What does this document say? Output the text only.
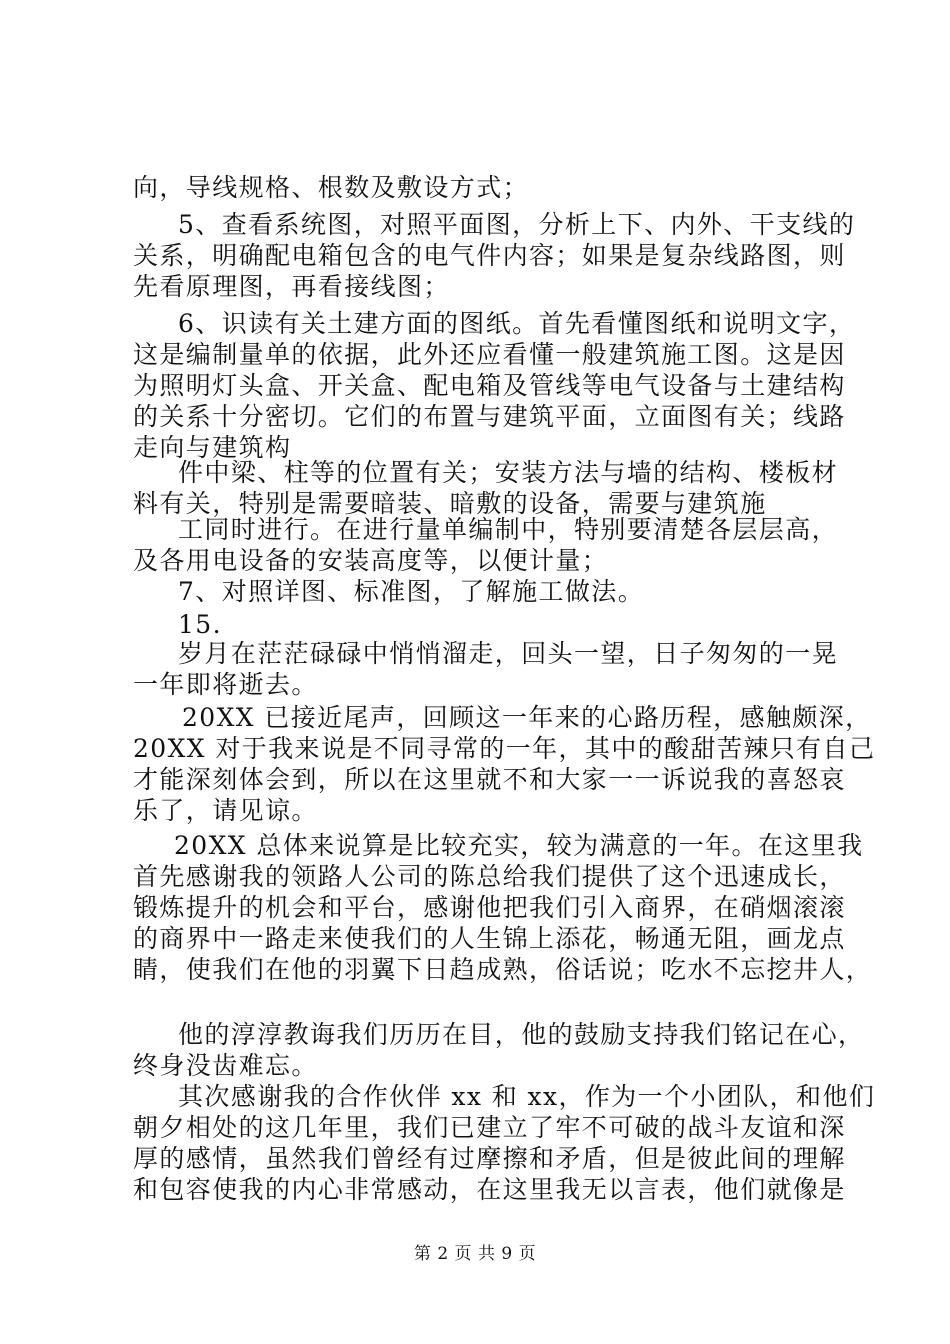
向，导线规格、根数及敷设方式；
5、查看系统图，对照平面图，分析上下、内外、干支线的
关系，明确配电箱包含的电气件内容；如果是复杂线路图，则
先看原理图，再看接线图；
6、识读有关土建方面的图纸。首先看懂图纸和说明文字，
这是编制量单的依据，此外还应看懂一般建筑施工图。这是因
为照明灯头盒、开关盒、配电箱及管线等电气设备与土建结构
的关系十分密切。它们的布置与建筑平面，立面图有关；线路
走向与建筑构
件中梁、柱等的位置有关；安装方法与墙的结构、楼板材
料有关，特别是需要暗装、暗敷的设备，需要与建筑施
工同时进行。在进行量单编制中，特别要清楚各层层高，
及各用电设备的安装高度等，以便计量；
7、对照详图、标准图，了解施工做法。
15.
岁月在茫茫碌碌中悄悄溜走，回头一望，日子匆匆的一晃
一年即将逝去。
20XX 已接近尾声，回顾这一年来的心路历程，感触颇深，
20XX 对于我来说是不同寻常的一年，其中的酸甜苦辣只有自己
才能深刻体会到，所以在这里就不和大家一一诉说我的喜怒哀
乐了，请见谅。
20XX 总体来说算是比较充实，较为满意的一年。在这里我
首先感谢我的领路人公司的陈总给我们提供了这个迅速成长，
锻炼提升的机会和平台，感谢他把我们引入商界，在硝烟滚滚
的商界中一路走来使我们的人生锦上添花，畅通无阻，画龙点
睛，使我们在他的羽翼下日趋成熟，俗话说；吃水不忘挖井人，
他的淳淳教诲我们历历在目，他的鼓励支持我们铭记在心，
终身没齿难忘。
其次感谢我的合作伙伴 xx 和 xx，作为一个小团队，和他们
朝夕相处的这几年里，我们已建立了牢不可破的战斗友谊和深
厚的感情，虽然我们曾经有过摩擦和矛盾，但是彼此间的理解
和包容使我的内心非常感动，在这里我无以言表，他们就像是
第 2 页 共 9 页
